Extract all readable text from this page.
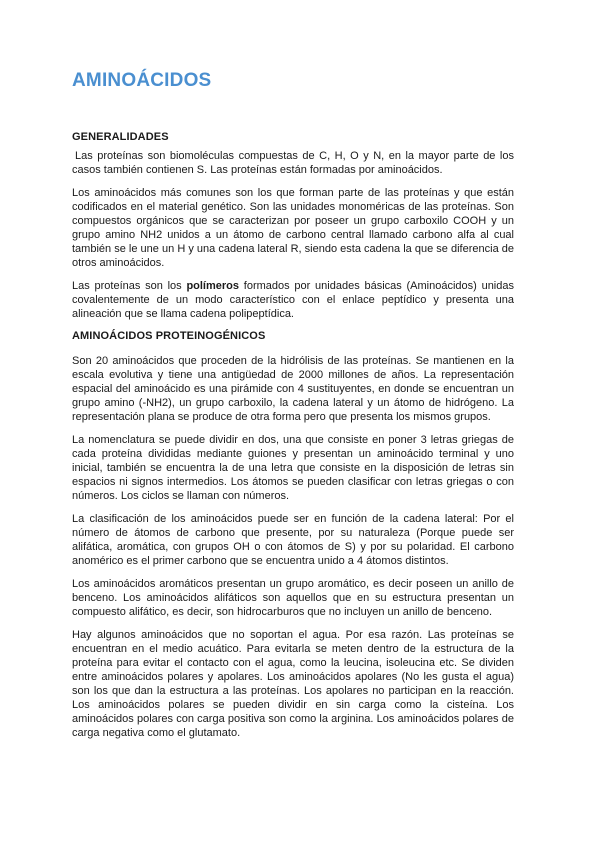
AMINOÁCIDOS
GENERALIDADES

Las proteínas son biomoléculas compuestas de C, H, O y N, en la mayor parte de los casos también contienen S. Las proteínas están formadas por aminoácidos.

Los aminoácidos más comunes son los que forman parte de las proteínas y que están codificados en el material genético. Son las unidades monoméricas de las proteínas. Son compuestos orgánicos que se caracterizan por poseer un grupo carboxilo COOH y un grupo amino NH2 unidos a un átomo de carbono central llamado carbono alfa al cual también se le une un H y una cadena lateral R, siendo esta cadena la que se diferencia de otros aminoácidos.

Las proteínas son los polímeros formados por unidades básicas (Aminoácidos) unidas covalentemente de un modo característico con el enlace peptídico y presenta una alineación que se llama cadena polipeptídica.

AMINOÁCIDOS PROTEINOGÉNICOS

Son 20 aminoácidos que proceden de la hidrólisis de las proteínas. Se mantienen en la escala evolutiva y tiene una antigüedad de 2000 millones de años. La representación espacial del aminoácido es una pirámide con 4 sustituyentes, en donde se encuentran un grupo amino (-NH2), un grupo carboxilo, la cadena lateral y un átomo de hidrógeno. La representación plana se produce de otra forma pero que presenta los mismos grupos.

La nomenclatura se puede dividir en dos, una que consiste en poner 3 letras griegas de cada proteína divididas mediante guiones y presentan un aminoácido terminal y uno inicial, también se encuentra la de una letra que consiste en la disposición de letras sin espacios ni signos intermedios. Los átomos se pueden clasificar con letras griegas o con números. Los ciclos se llaman con números.

La clasificación de los aminoácidos puede ser en función de la cadena lateral: Por el número de átomos de carbono que presente, por su naturaleza (Porque puede ser alifática, aromática, con grupos OH o con átomos de S) y por su polaridad. El carbono anomérico es el primer carbono que se encuentra unido a 4 átomos distintos.

Los aminoácidos aromáticos presentan un grupo aromático, es decir poseen un anillo de benceno. Los aminoácidos alifáticos son aquellos que en su estructura presentan un compuesto alifático, es decir, son hidrocarburos que no incluyen un anillo de benceno.

Hay algunos aminoácidos que no soportan el agua. Por esa razón. Las proteínas se encuentran en el medio acuático. Para evitarla se meten dentro de la estructura de la proteína para evitar el contacto con el agua, como la leucina, isoleucina etc. Se dividen entre aminoácidos polares y apolares. Los aminoácidos apolares (No les gusta el agua) son los que dan la estructura a las proteínas. Los apolares no participan en la reacción. Los aminoácidos polares se pueden dividir en sin carga como la cisteína. Los aminoácidos polares con carga positiva son como la arginina. Los aminoácidos polares de carga negativa como el glutamato.
